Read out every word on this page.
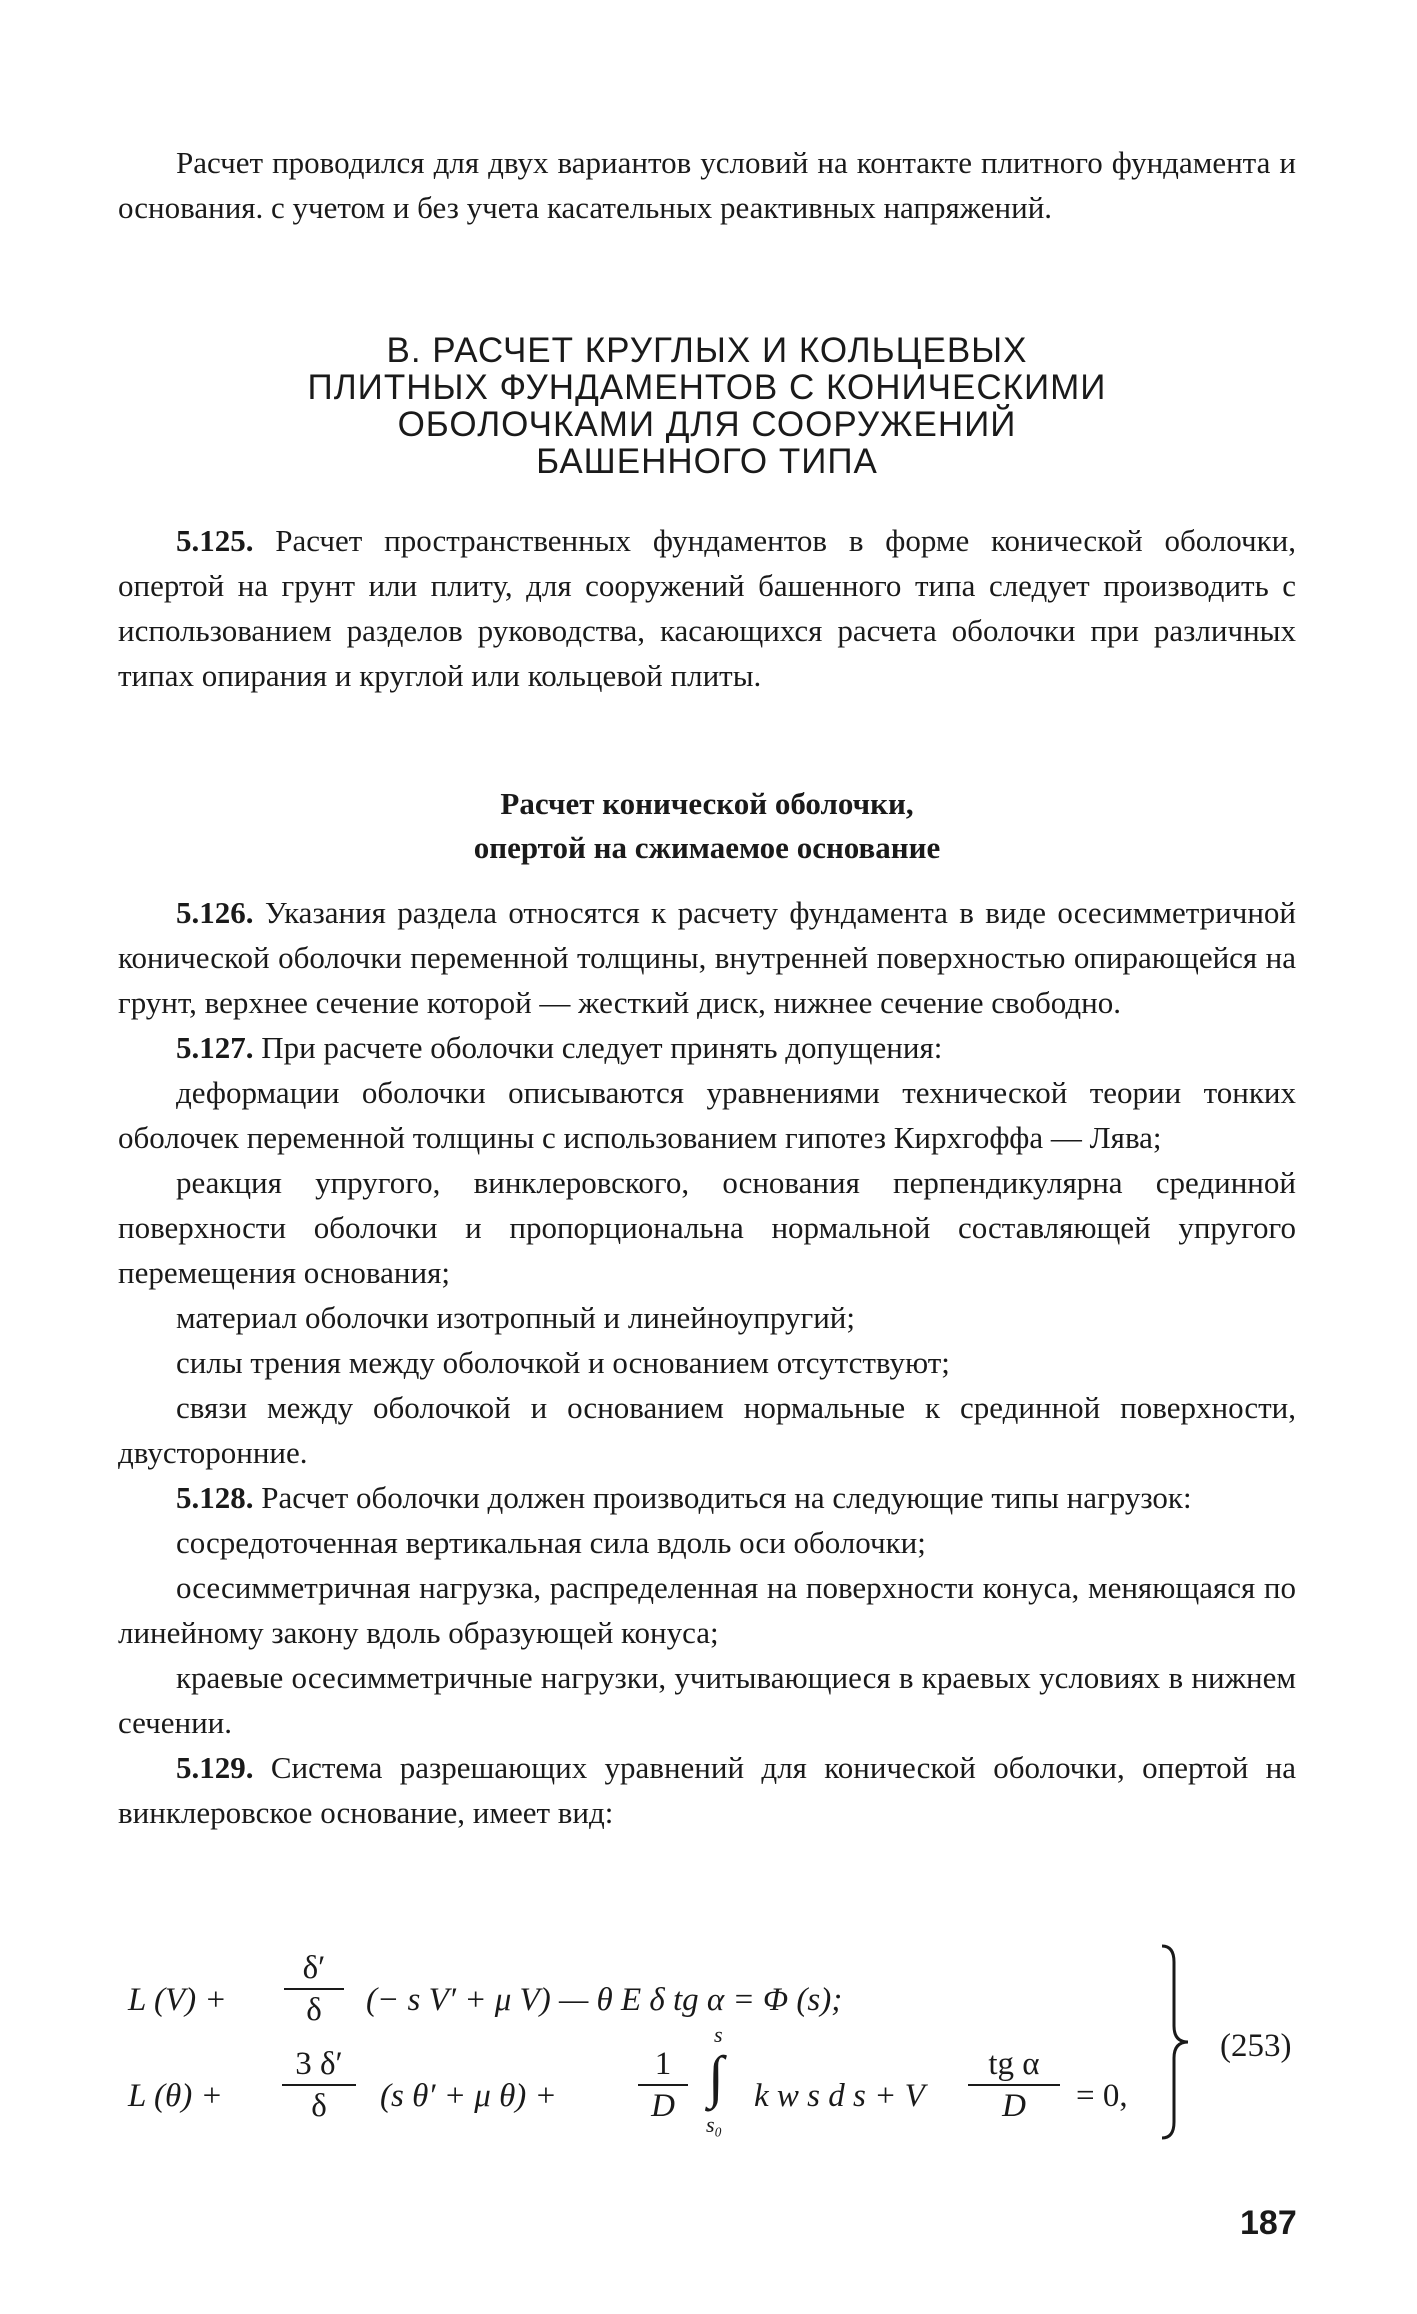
Расчет проводился для двух вариантов условий на контакте плитного фундамента и основания. с учетом и без учета касательных реактивных напряжений.

В. РАСЧЕТ КРУГЛЫХ И КОЛЬЦЕВЫХ
ПЛИТНЫХ ФУНДАМЕНТОВ С КОНИЧЕСКИМИ
ОБОЛОЧКАМИ ДЛЯ СООРУЖЕНИЙ
БАШЕННОГО ТИПА

5.125. Расчет пространственных фундаментов в форме конической оболочки, опертой на грунт или плиту, для сооружений башенного типа следует производить с использованием разделов руководства, касающихся расчета оболочки при различных типах опирания и круглой или кольцевой плиты.

Расчет конической оболочки,
опертой на сжимаемое основание

5.126. Указания раздела относятся к расчету фундамента в виде осесимметричной конической оболочки переменной толщины, внутренней поверхностью опирающейся на грунт, верхнее сечение которой — жесткий диск, нижнее сечение свободно.

5.127. При расчете оболочки следует принять допущения:

деформации оболочки описываются уравнениями технической теории тонких оболочек переменной толщины с использованием гипотез Кирхгоффа — Лява;

реакция упругого, винклеровского, основания перпендикулярна срединной поверхности оболочки и пропорциональна нормальной составляющей упругого перемещения основания;

материал оболочки изотропный и линейноупругий;

силы трения между оболочкой и основанием отсутствуют;

связи между оболочкой и основанием нормальные к срединной поверхности, двусторонние.

5.128. Расчет оболочки должен производиться на следующие типы нагрузок:

сосредоточенная вертикальная сила вдоль оси оболочки;

осесимметричная нагрузка, распределенная на поверхности конуса, меняющаяся по линейному закону вдоль образующей конуса;

краевые осесимметричные нагрузки, учитывающиеся в краевых условиях в нижнем сечении.

5.129. Система разрешающих уравнений для конической оболочки, опертой на винклеровское основание, имеет вид:

L $(V) + \frac{\delta'}{\delta}$ (− s V′ + μ V) — θ E δ tg α = Φ (s);
L $(\theta) + \frac{3 \delta'}{\delta} (s$ θ′ + μ $\theta) + \frac{1}{D}$
s
∫
s₀
k w s d s + V $\frac{\text{tg α}}{D} = 0$,
(253)
187
